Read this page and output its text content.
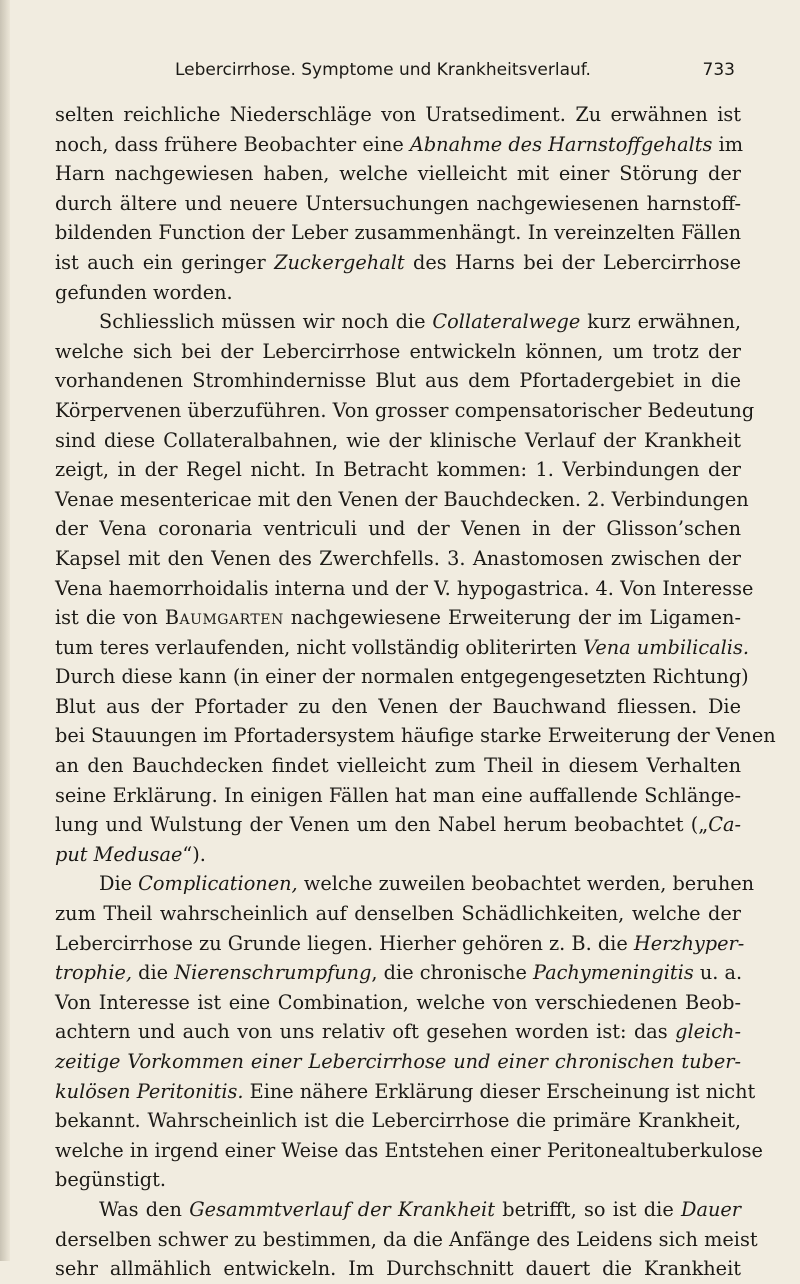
Lebercirrhose. Symptome und Krankheitsverlauf.	733
selten reichliche Niederschläge von Uratsediment. Zu erwähnen ist
noch, dass frühere Beobachter eine Abnahme des Harnstoffgehalts im
Harn nachgewiesen haben, welche vielleicht mit einer Störung der
durch ältere und neuere Untersuchungen nachgewiesenen harnstoff-
bildenden Function der Leber zusammenhängt. In vereinzelten Fällen
ist auch ein geringer Zuckergehalt des Harns bei der Lebercirrhose
gefunden worden.
Schliesslich müssen wir noch die Collateralwege kurz erwähnen,
welche sich bei der Lebercirrhose entwickeln können, um trotz der
vorhandenen Stromhindernisse Blut aus dem Pfortadergebiet in die
Körpervenen überzuführen. Von grosser compensatorischer Bedeutung
sind diese Collateralbahnen, wie der klinische Verlauf der Krankheit
zeigt, in der Regel nicht. In Betracht kommen: 1. Verbindungen der
Venae mesentericae mit den Venen der Bauchdecken. 2. Verbindungen
der Vena coronaria ventriculi und der Venen in der Glisson’schen
Kapsel mit den Venen des Zwerchfells. 3. Anastomosen zwischen der
Vena haemorrhoidalis interna und der V. hypogastrica. 4. Von Interesse
ist die von Baumgarten nachgewiesene Erweiterung der im Ligamen-
tum teres verlaufenden, nicht vollständig obliterirten Vena umbilicalis.
Durch diese kann (in einer der normalen entgegengesetzten Richtung)
Blut aus der Pfortader zu den Venen der Bauchwand fliessen. Die
bei Stauungen im Pfortadersystem häufige starke Erweiterung der Venen
an den Bauchdecken findet vielleicht zum Theil in diesem Verhalten
seine Erklärung. In einigen Fällen hat man eine auffallende Schlänge-
lung und Wulstung der Venen um den Nabel herum beobachtet („Ca-
put Medusae“).
Die Complicationen, welche zuweilen beobachtet werden, beruhen
zum Theil wahrscheinlich auf denselben Schädlichkeiten, welche der
Lebercirrhose zu Grunde liegen. Hierher gehören z. B. die Herzhyper-
trophie, die Nierenschrumpfung, die chronische Pachymeningitis u. a.
Von Interesse ist eine Combination, welche von verschiedenen Beob-
achtern und auch von uns relativ oft gesehen worden ist: das gleich-
zeitige Vorkommen einer Lebercirrhose und einer chronischen tuber-
kulösen Peritonitis. Eine nähere Erklärung dieser Erscheinung ist nicht
bekannt. Wahrscheinlich ist die Lebercirrhose die primäre Krankheit,
welche in irgend einer Weise das Entstehen einer Peritonealtuberkulose
begünstigt.
Was den Gesammtverlauf der Krankheit betrifft, so ist die Dauer
derselben schwer zu bestimmen, da die Anfänge des Leidens sich meist
sehr allmählich entwickeln. Im Durchschnitt dauert die Krankheit
